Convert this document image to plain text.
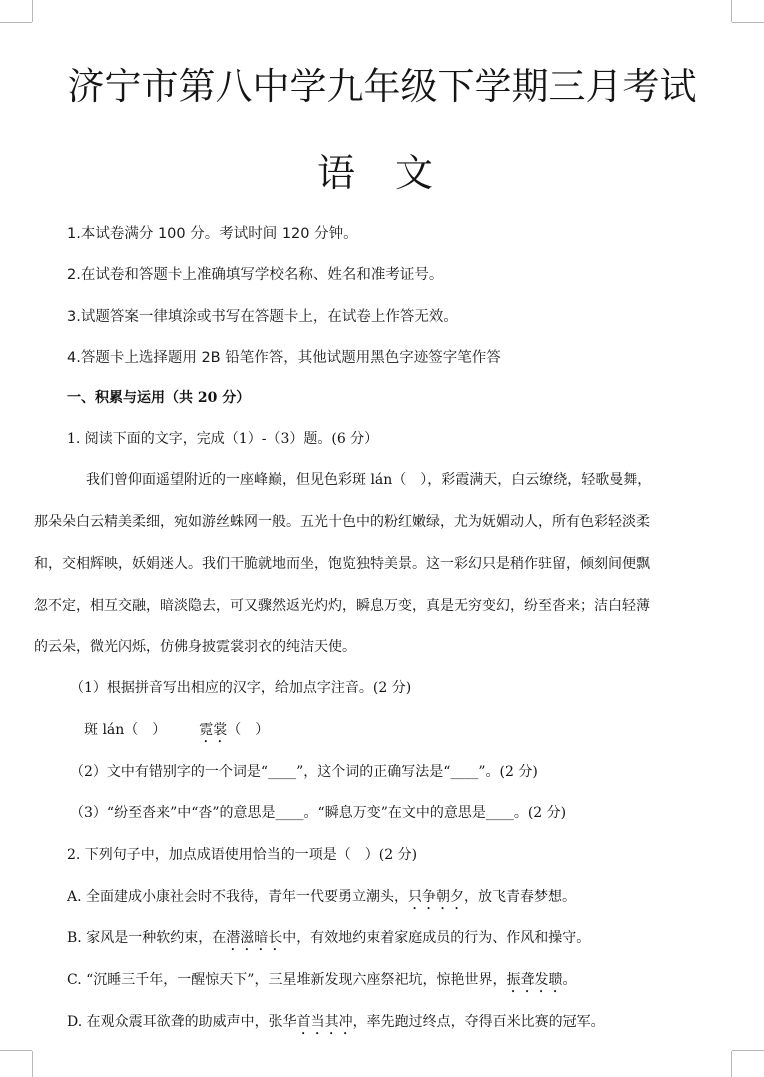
济宁市第八中学九年级下学期三月考试
语 文
1.本试卷满分 100 分。考试时间 120 分钟。
2.在试卷和答题卡上准确填写学校名称、姓名和准考证号。
3.试题答案一律填涂或书写在答题卡上，在试卷上作答无效。
4.答题卡上选择题用 2B 铅笔作答，其他试题用黑色字迹签字笔作答
一、积累与运用（共 20 分）
1. 阅读下面的文字，完成（1）-（3）题。(6 分）
我们曾仰面遥望附近的一座峰巅，但见色彩斑 lán（　），彩霞满天，白云缭绕，轻歌曼舞，
那朵朵白云精美柔细，宛如游丝蛛网一般。五光十色中的粉红嫩绿，尤为妩媚动人，所有色彩轻淡柔
和，交相辉映，妖娟迷人。我们干脆就地而坐，饱览独特美景。这一彩幻只是稍作驻留，倾刻间便飘
忽不定，相互交融，暗淡隐去，可又骤然返光灼灼，瞬息万变，真是无穷变幻，纷至沓来；洁白轻薄
的云朵，微光闪烁，仿佛身披霓裳羽衣的纯洁天使。
（1）根据拼音写出相应的汉字，给加点字注音。(2 分)
斑 lán（　） 霓裳（　）
（2）文中有错别字的一个词是“____”，这个词的正确写法是“____”。(2 分)
（3）“纷至沓来”中“沓”的意思是____。“瞬息万变”在文中的意思是____。(2 分)
2. 下列句子中，加点成语使用恰当的一项是（　）(2 分)
A. 全面建成小康社会时不我待，青年一代要勇立潮头，只争朝夕，放飞青春梦想。
B. 家风是一种软约束，在潜滋暗长中，有效地约束着家庭成员的行为、作风和操守。
C. “沉睡三千年，一醒惊天下”，三星堆新发现六座祭祀坑，惊艳世界，振聋发聩。
D. 在观众震耳欲聋的助威声中，张华首当其冲，率先跑过终点，夺得百米比赛的冠军。
